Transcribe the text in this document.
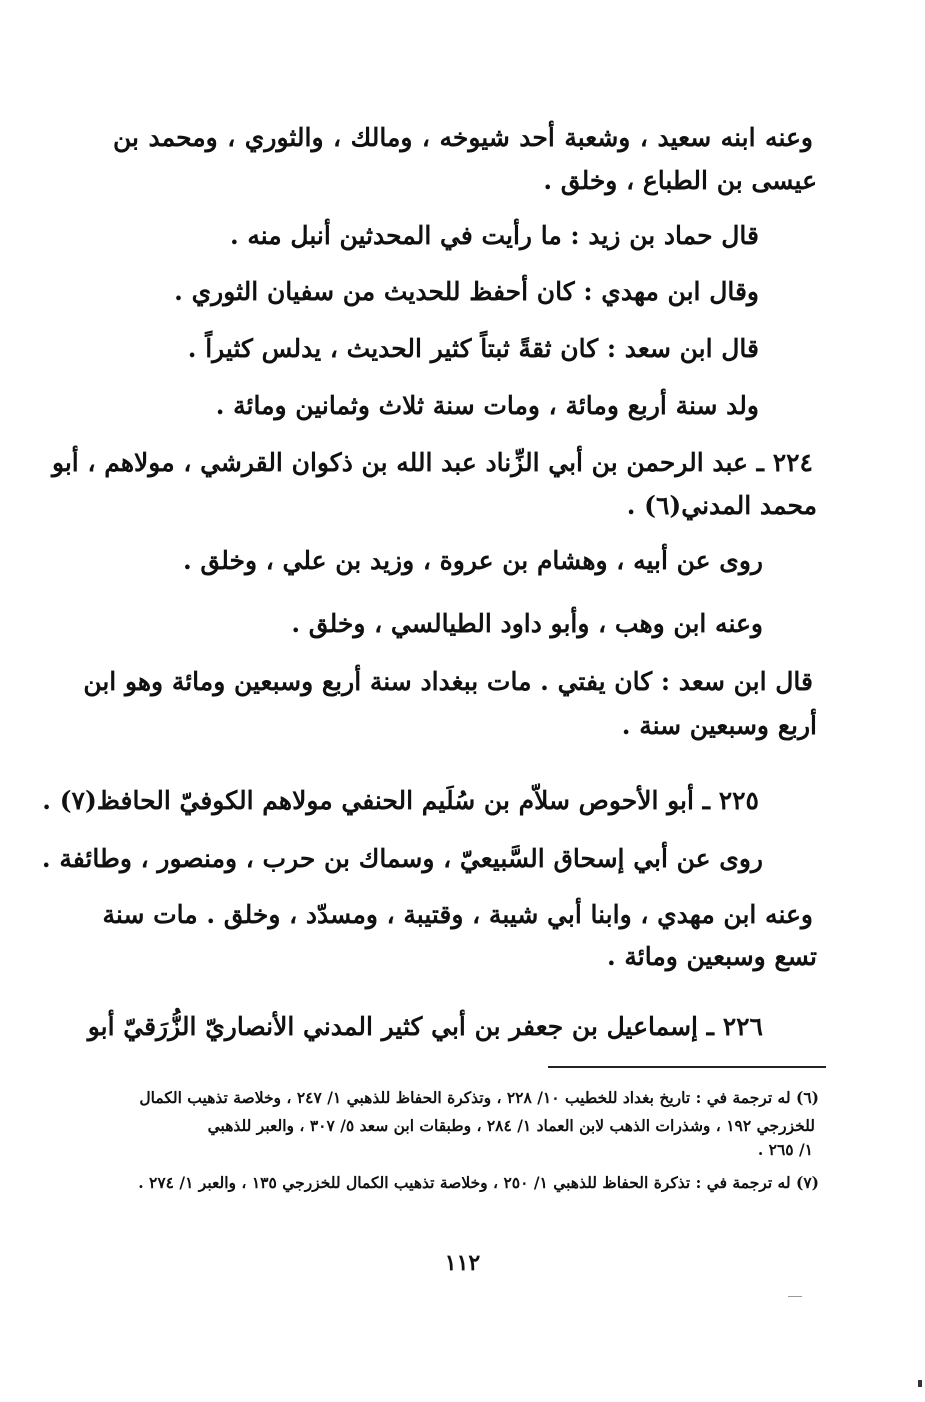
وعنه ابنه سعيد ، وشعبة أحد شيوخه ، ومالك ، والثوري ، ومحمد بن
عيسى بن الطباع ، وخلق .
قال حماد بن زيد : ما رأيت في المحدثين أنبل منه .
وقال ابن مهدي : كان أحفظ للحديث من سفيان الثوري .
قال ابن سعد : كان ثقةً ثبتاً كثير الحديث ، يدلس كثيراً .
ولد سنة أربع ومائة ، ومات سنة ثلاث وثمانين ومائة .
٢٢٤ ـ عبد الرحمن بن أبي الزِّناد عبد الله بن ذكوان القرشي ، مولاهم ، أبو
محمد المدني(٦) .
روى عن أبيه ، وهشام بن عروة ، وزيد بن علي ، وخلق .
وعنه ابن وهب ، وأبو داود الطيالسي ، وخلق .
قال ابن سعد : كان يفتي . مات ببغداد سنة أربع وسبعين ومائة وهو ابن
أربع وسبعين سنة .
٢٢٥ ـ أبو الأحوص سلاّم بن سُلَيم الحنفي مولاهم الكوفيّ الحافظ(٧) .
روى عن أبي إسحاق السَّبيعيّ ، وسماك بن حرب ، ومنصور ، وطائفة .
وعنه ابن مهدي ، وابنا أبي شيبة ، وقتيبة ، ومسدّد ، وخلق . مات سنة
تسع وسبعين ومائة .
٢٢٦ ـ إسماعيل بن جعفر بن أبي كثير المدني الأنصاريّ الزُّرَقيّ أبو
(٦) له ترجمة في : تاريخ بغداد للخطيب ١٠/ ٢٢٨ ، وتذكرة الحفاظ للذهبي ١/ ٢٤٧ ، وخلاصة تذهيب الكمال
للخزرجي ١٩٢ ، وشذرات الذهب لابن العماد ١/ ٢٨٤ ، وطبقات ابن سعد ٥/ ٣٠٧ ، والعبر للذهبي
١/ ٢٦٥ .
(٧) له ترجمة في : تذكرة الحفاظ للذهبي ١/ ٢٥٠ ، وخلاصة تذهيب الكمال للخزرجي ١٣٥ ، والعبر ١/ ٢٧٤ .
١١٢
